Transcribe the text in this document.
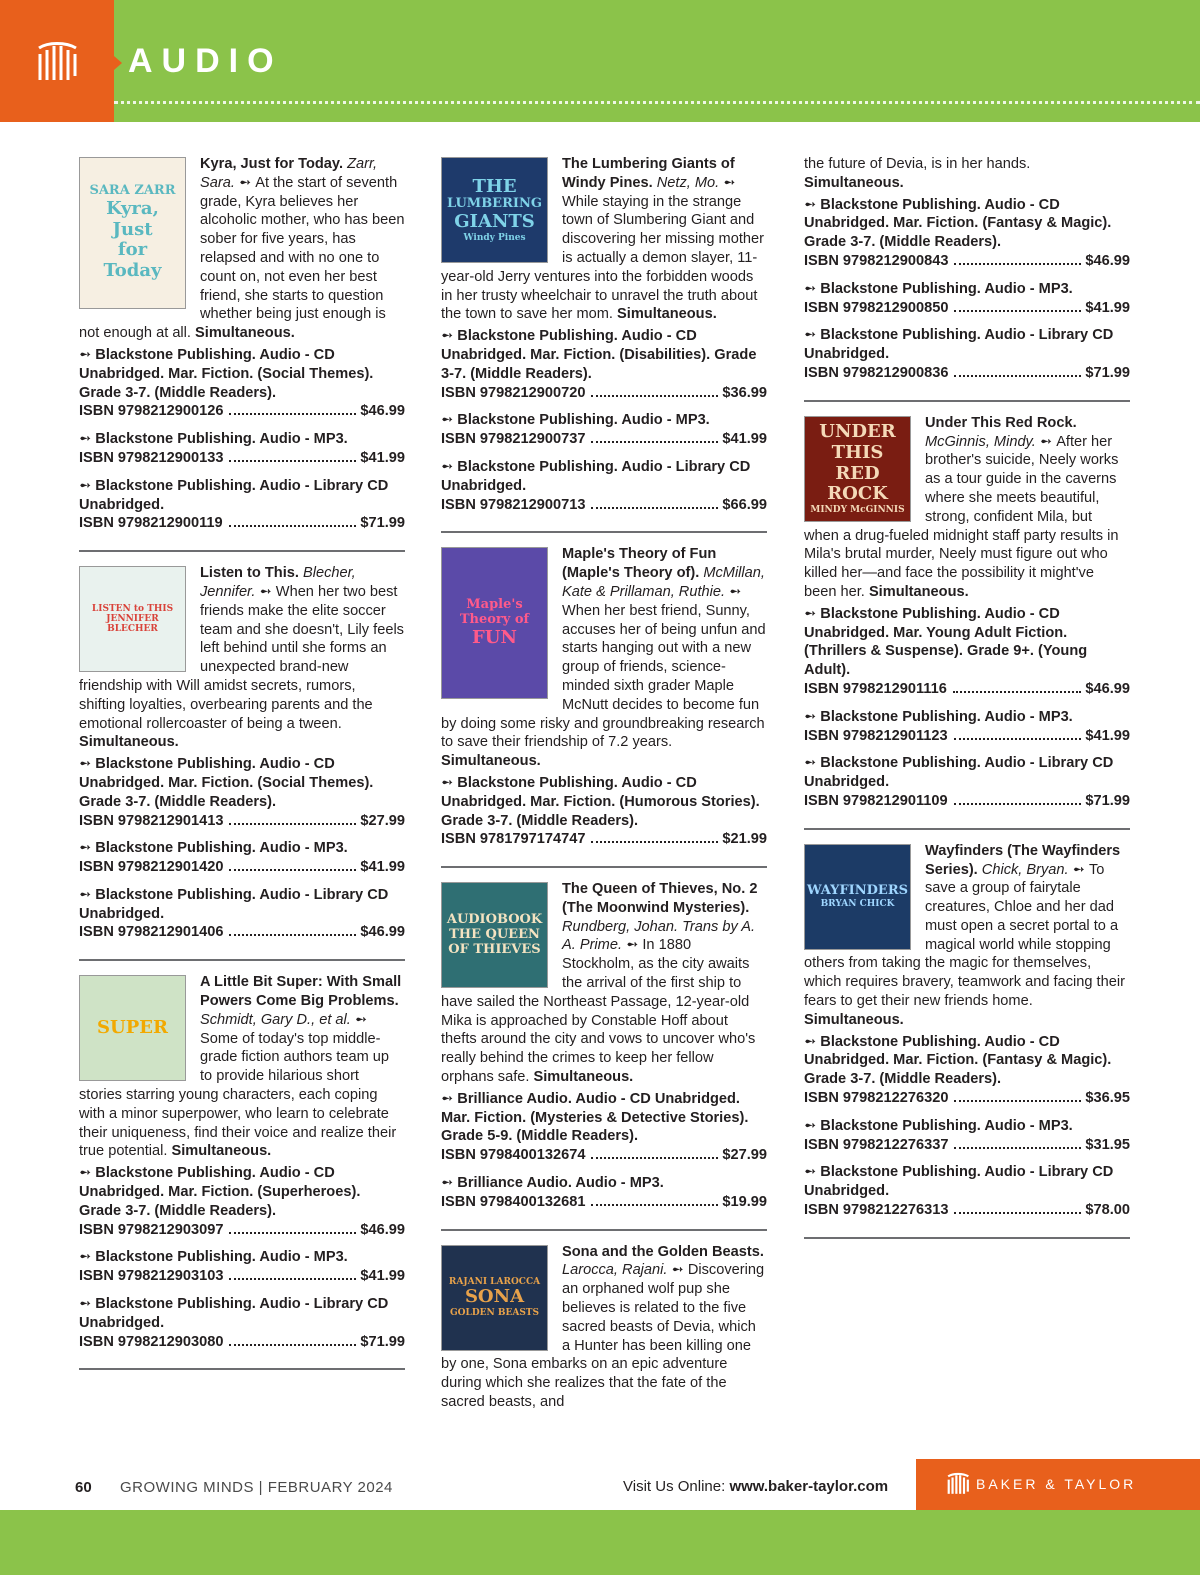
AUDIO
SARA ZARR
Kyra,
Just
for
Today
Kyra, Just for Today. Zarr, Sara. ➻ At the start of seventh grade, Kyra believes her alcoholic mother, who has been sober for five years, has relapsed and with no one to count on, not even her best friend, she starts to question whether being just enough is not enough at all. Simultaneous.
➻ Blackstone Publishing. Audio - CD Unabridged. Mar. Fiction. (Social Themes). Grade 3-7. (Middle Readers).
ISBN 9798212900126	$46.99
➻ Blackstone Publishing. Audio - MP3.
ISBN 9798212900133	$41.99
➻ Blackstone Publishing. Audio - Library CD Unabridged.
ISBN 9798212900119	$71.99
LISTEN to THIS
JENNIFER BLECHER
Listen to This. Blecher, Jennifer. ➻ When her two best friends make the elite soccer team and she doesn't, Lily feels left behind until she forms an unexpected brand-new friendship with Will amidst secrets, rumors, shifting loyalties, overbearing parents and the emotional rollercoaster of being a tween. Simultaneous.
➻ Blackstone Publishing. Audio - CD Unabridged. Mar. Fiction. (Social Themes). Grade 3-7. (Middle Readers).
ISBN 9798212901413	$27.99
➻ Blackstone Publishing. Audio - MP3.
ISBN 9798212901420	$41.99
➻ Blackstone Publishing. Audio - Library CD Unabridged.
ISBN 9798212901406	$46.99
SUPER
A Little Bit Super: With Small Powers Come Big Problems. Schmidt, Gary D., et al. ➻ Some of today's top middle-grade fiction authors team up to provide hilarious short stories starring young characters, each coping with a minor superpower, who learn to celebrate their uniqueness, find their voice and realize their true potential. Simultaneous.
➻ Blackstone Publishing. Audio - CD Unabridged. Mar. Fiction. (Superheroes). Grade 3-7. (Middle Readers).
ISBN 9798212903097	$46.99
➻ Blackstone Publishing. Audio - MP3.
ISBN 9798212903103	$41.99
➻ Blackstone Publishing. Audio - Library CD Unabridged.
ISBN 9798212903080	$71.99
THE
LUMBERING
GIANTS
Windy Pines
The Lumbering Giants of Windy Pines. Netz, Mo. ➻ While staying in the strange town of Slumbering Giant and discovering her missing mother is actually a demon slayer, 11-year-old Jerry ventures into the forbidden woods in her trusty wheelchair to unravel the truth about the town to save her mom. Simultaneous.
➻ Blackstone Publishing. Audio - CD Unabridged. Mar. Fiction. (Disabilities). Grade 3-7. (Middle Readers).
ISBN 9798212900720	$36.99
➻ Blackstone Publishing. Audio - MP3.
ISBN 9798212900737	$41.99
➻ Blackstone Publishing. Audio - Library CD Unabridged.
ISBN 9798212900713	$66.99
Maple's
Theory of
FUN
Maple's Theory of Fun (Maple's Theory of). McMillan, Kate & Prillaman, Ruthie. ➻ When her best friend, Sunny, accuses her of being unfun and starts hanging out with a new group of friends, science-minded sixth grader Maple McNutt decides to become fun by doing some risky and groundbreaking research to save their friendship of 7.2 years. Simultaneous.
➻ Blackstone Publishing. Audio - CD Unabridged. Mar. Fiction. (Humorous Stories). Grade 3-7. (Middle Readers).
ISBN 9781797174747	$21.99
AUDIOBOOK
THE QUEEN
OF THIEVES
The Queen of Thieves, No. 2 (The Moonwind Mysteries). Rundberg, Johan. Trans by A. A. Prime. ➻ In 1880 Stockholm, as the city awaits the arrival of the first ship to have sailed the Northeast Passage, 12-year-old Mika is approached by Constable Hoff about thefts around the city and vows to uncover who's really behind the crimes to keep her fellow orphans safe. Simultaneous.
➻ Brilliance Audio. Audio - CD Unabridged. Mar. Fiction. (Mysteries & Detective Stories). Grade 5-9. (Middle Readers).
ISBN 9798400132674	$27.99
➻ Brilliance Audio. Audio - MP3.
ISBN 9798400132681	$19.99
RAJANI LAROCCA
SONA
GOLDEN BEASTS
Sona and the Golden Beasts. Larocca, Rajani. ➻ Discovering an orphaned wolf pup she believes is related to the five sacred beasts of Devia, which a Hunter has been killing one by one, Sona embarks on an epic adventure during which she realizes that the fate of the sacred beasts, and
the future of Devia, is in her hands.
Simultaneous.
➻ Blackstone Publishing. Audio - CD Unabridged. Mar. Fiction. (Fantasy & Magic). Grade 3-7. (Middle Readers).
ISBN 9798212900843	$46.99
➻ Blackstone Publishing. Audio - MP3.
ISBN 9798212900850	$41.99
➻ Blackstone Publishing. Audio - Library CD Unabridged.
ISBN 9798212900836	$71.99
UNDER
THIS
RED
ROCK
MINDY McGINNIS
Under This Red Rock. McGinnis, Mindy. ➻ After her brother's suicide, Neely works as a tour guide in the caverns where she meets beautiful, strong, confident Mila, but when a drug-fueled midnight staff party results in Mila's brutal murder, Neely must figure out who killed her—and face the possibility it might've been her. Simultaneous.
➻ Blackstone Publishing. Audio - CD Unabridged. Mar. Young Adult Fiction. (Thrillers & Suspense). Grade 9+. (Young Adult).
ISBN 9798212901116	$46.99
➻ Blackstone Publishing. Audio - MP3.
ISBN 9798212901123	$41.99
➻ Blackstone Publishing. Audio - Library CD Unabridged.
ISBN 9798212901109	$71.99
WAYFINDERS
BRYAN CHICK
Wayfinders (The Wayfinders Series). Chick, Bryan. ➻ To save a group of fairytale creatures, Chloe and her dad must open a secret portal to a magical world while stopping others from taking the magic for themselves, which requires bravery, teamwork and facing their fears to get their new friends home. Simultaneous.
➻ Blackstone Publishing. Audio - CD Unabridged. Mar. Fiction. (Fantasy & Magic). Grade 3-7. (Middle Readers).
ISBN 9798212276320	$36.95
➻ Blackstone Publishing. Audio - MP3.
ISBN 9798212276337	$31.95
➻ Blackstone Publishing. Audio - Library CD Unabridged.
ISBN 9798212276313	$78.00
60 GROWING MINDS | FEBRUARY 2024	Visit Us Online: www.baker-taylor.com	BAKER & TAYLOR
